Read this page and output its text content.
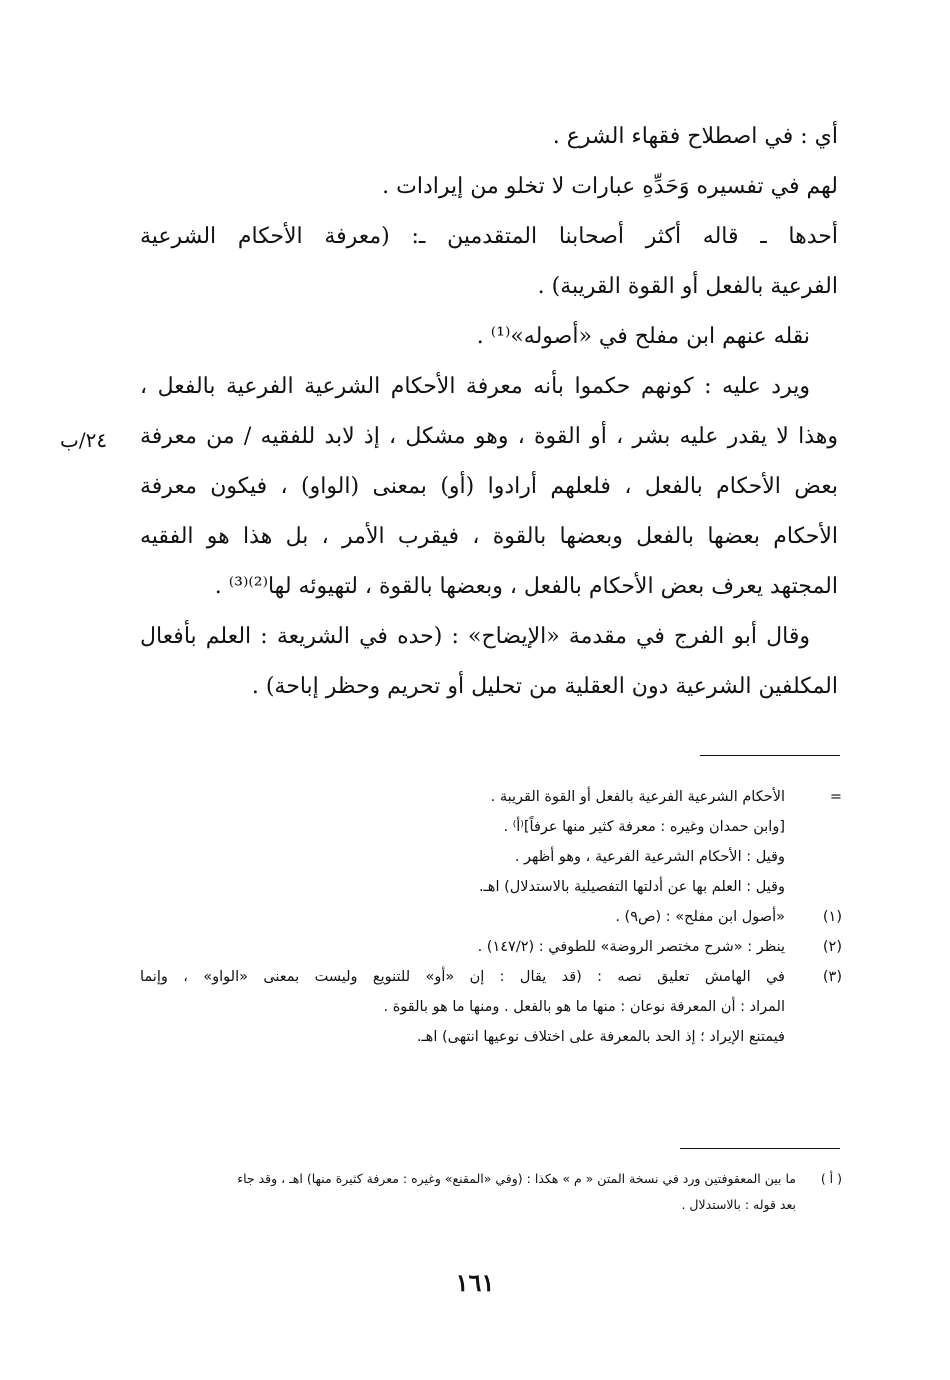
أي : في اصطلاح فقهاء الشرع .
لهم في تفسيره وَحَدِّهِ عبارات لا تخلو من إيرادات .
أحدها ـ قاله أكثر أصحابنا المتقدمين ـ: (معرفة الأحكام الشرعية
الفرعية بالفعل أو القوة القريبة) .
نقله عنهم ابن مفلح في «أصوله»⁽¹⁾ .
ويرد عليه : كونهم حكموا بأنه معرفة الأحكام الشرعية الفرعية بالفعل ،
وهذا لا يقدر عليه بشر ، أو القوة ، وهو مشكل ، إذ لابد للفقيه / من معرفة
بعض الأحكام بالفعل ، فلعلهم أرادوا (أو) بمعنى (الواو) ، فيكون معرفة
الأحكام بعضها بالفعل وبعضها بالقوة ، فيقرب الأمر ، بل هذا هو الفقيه
المجتهد يعرف بعض الأحكام بالفعل ، وبعضها بالقوة ، لتهيوئه لها⁽²⁾⁽³⁾ .
وقال أبو الفرج في مقدمة «الإيضاح» : (حده في الشريعة : العلم بأفعال
المكلفين الشرعية دون العقلية من تحليل أو تحريم وحظر إباحة) .
٢٤/ب
=
الأحكام الشرعية الفرعية بالفعل أو القوة القريبة .
[وابن حمدان وغيره : معرفة كثير منها عرفاً]⁽أ⁾ .
وقيل : الأحكام الشرعية الفرعية ، وهو أظهر .
وقيل : العلم بها عن أدلتها التفصيلية بالاستدلال) اهـ.
(١)
«أصول ابن مفلح» : (ص٩) .
(٢)
ينظر : «شرح مختصر الروضة» للطوفي : (١٤٧/٢) .
(٣)
في الهامش تعليق نصه : (قد يقال : إن «أو» للتنويع وليست بمعنى «الواو» ، وإنما
المراد : أن المعرفة نوعان : منها ما هو بالفعل . ومنها ما هو بالقوة .
فيمتنع الإيراد ؛ إذ الحد بالمعرفة على اختلاف نوعيها انتهى) اهـ.
( أ )
ما بين المعقوفتين ورد في نسخة المتن « م » هكذا : (وفي «المقنع» وغيره : معرفة كثيرة منها) اهـ ، وقد جاء
بعد قوله : بالاستدلال .
١٦١
